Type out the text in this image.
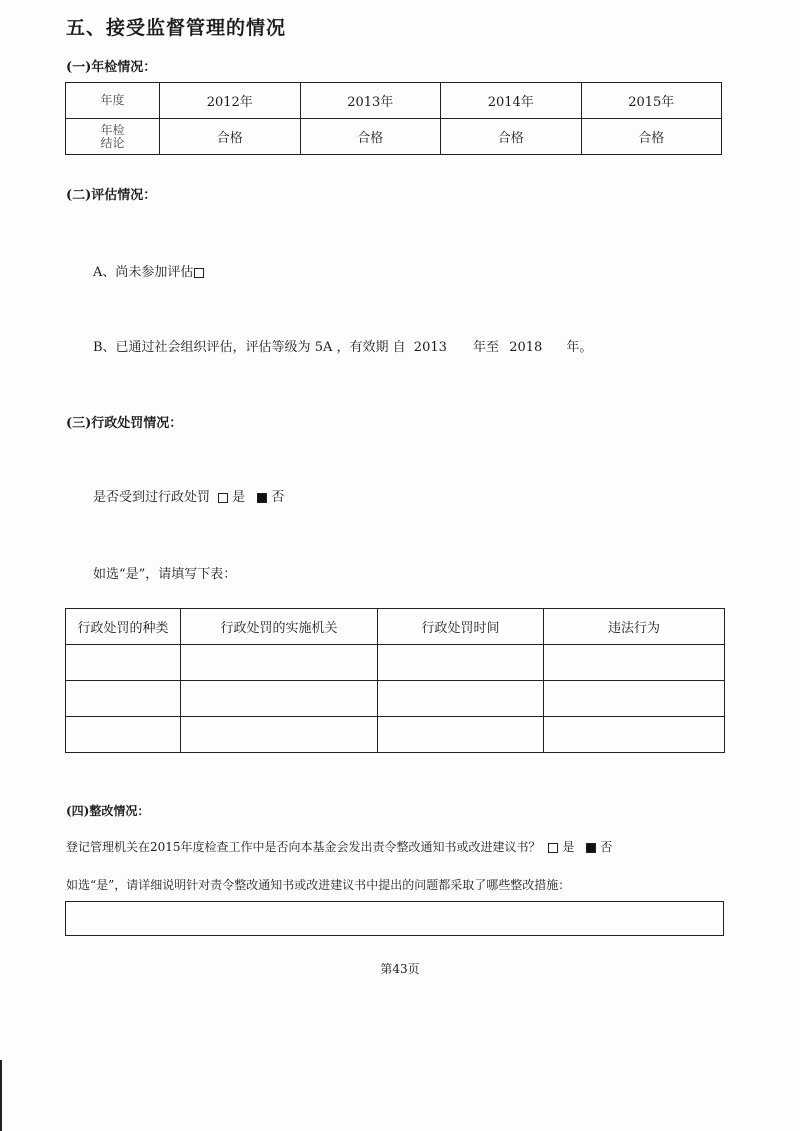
五、接受监督管理的情况
(一)年检情况：
年度	2012年	2013年	2014年	2015年
年检
结论	合格	合格	合格	合格
(二)评估情况：
A、尚未参加评估
B、已通过社会组织评估，评估等级为 5A ，有效期 自 2013 年至 2018 年。
(三)行政处罚情况：
是否受到过行政处罚 是 否
如选“是”，请填写下表：
行政处罚的种类	行政处罚的实施机关	行政处罚时间	违法行为

(四)整改情况：
登记管理机关在2015年度检查工作中是否向本基金会发出责令整改通知书或改进建议书？ 是 否
如选“是”，请详细说明针对责令整改通知书或改进建议书中提出的问题都采取了哪些整改措施：
第43页
